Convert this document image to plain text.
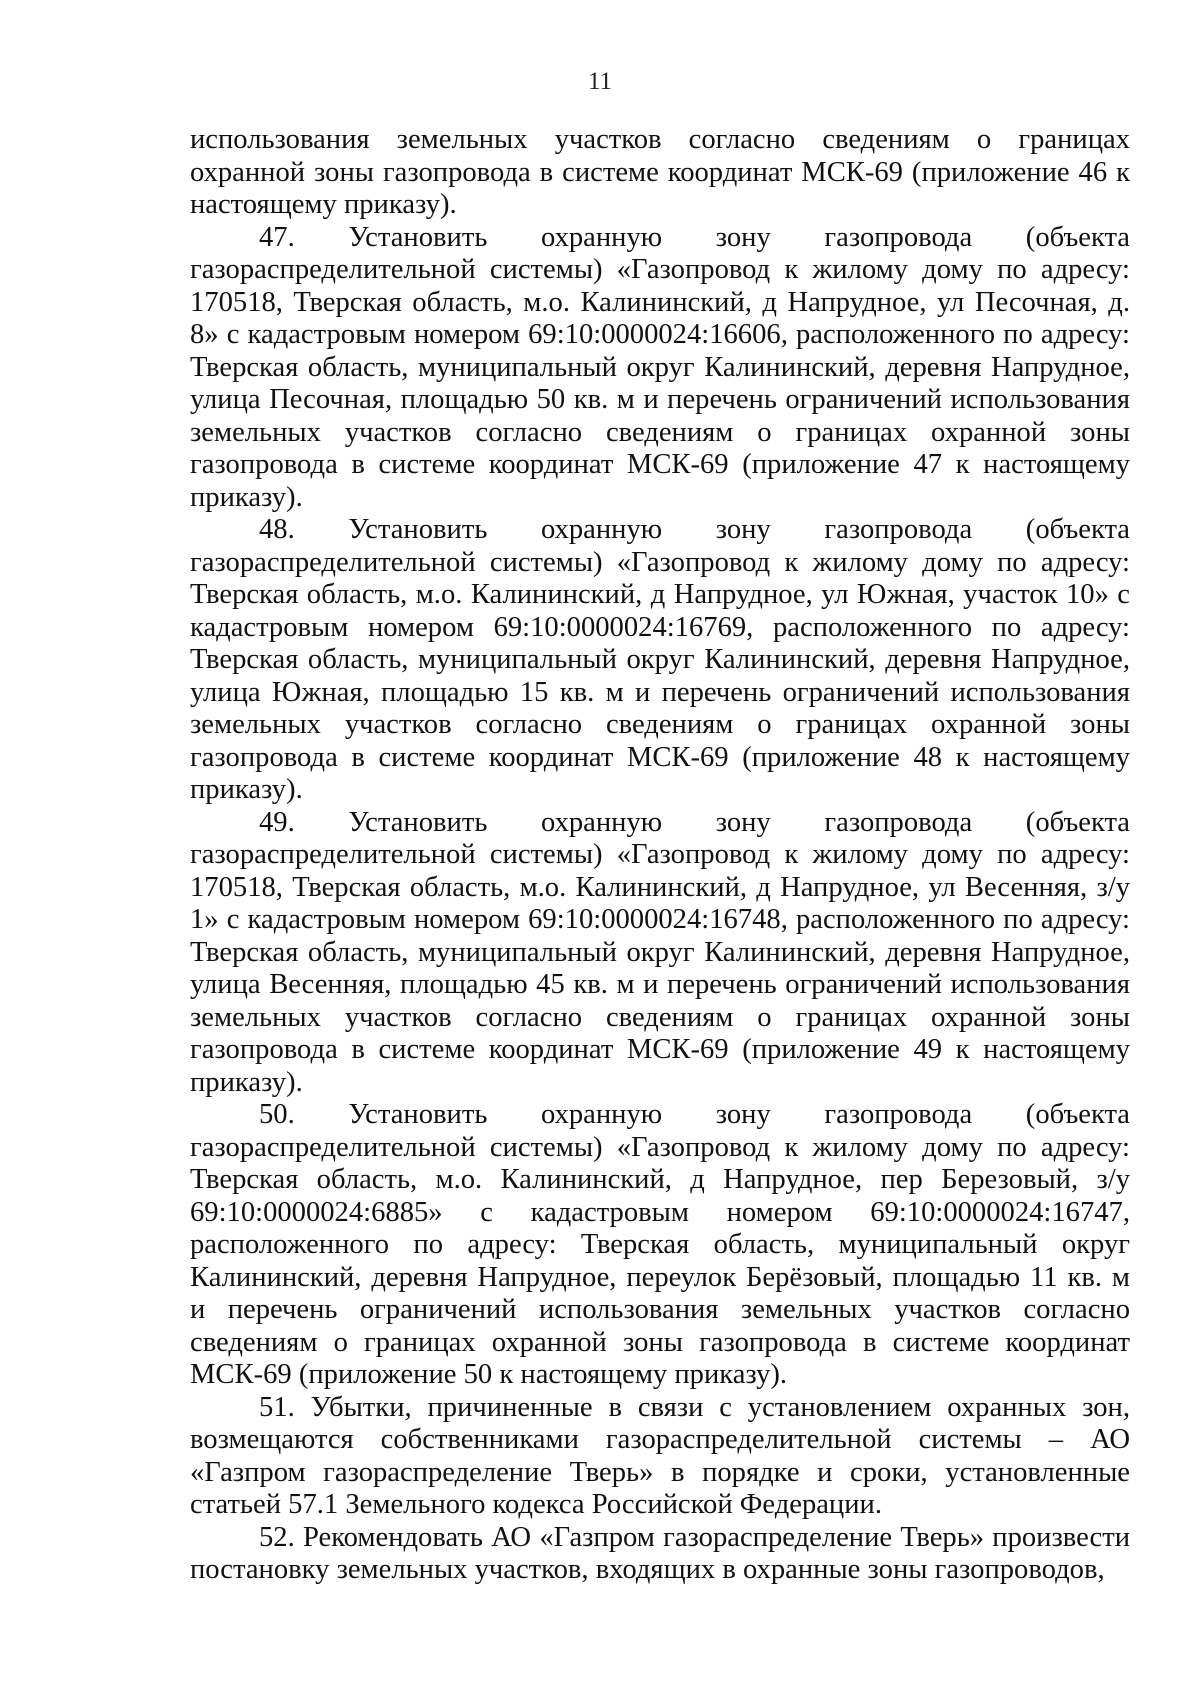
11

использования земельных участков согласно сведениям о границах охранной зоны газопровода в системе координат МСК-69 (приложение 46 к настоящему приказу).

47. Установить охранную зону газопровода (объекта газораспределительной системы) «Газопровод к жилому дому по адресу: 170518, Тверская область, м.о. Калининский, д Напрудное, ул Песочная, д. 8» с кадастровым номером 69:10:0000024:16606, расположенного по адресу: Тверская область, муниципальный округ Калининский, деревня Напрудное, улица Песочная, площадью 50 кв. м и перечень ограничений использования земельных участков согласно сведениям о границах охранной зоны газопровода в системе координат МСК-69 (приложение 47 к настоящему приказу).

48. Установить охранную зону газопровода (объекта газораспределительной системы) «Газопровод к жилому дому по адресу: Тверская область, м.о. Калининский, д Напрудное, ул Южная, участок 10» с кадастровым номером 69:10:0000024:16769, расположенного по адресу: Тверская область, муниципальный округ Калининский, деревня Напрудное, улица Южная, площадью 15 кв. м и перечень ограничений использования земельных участков согласно сведениям о границах охранной зоны газопровода в системе координат МСК-69 (приложение 48 к настоящему приказу).

49. Установить охранную зону газопровода (объекта газораспределительной системы) «Газопровод к жилому дому по адресу: 170518, Тверская область, м.о. Калининский, д Напрудное, ул Весенняя, з/у 1» с кадастровым номером 69:10:0000024:16748, расположенного по адресу: Тверская область, муниципальный округ Калининский, деревня Напрудное, улица Весенняя, площадью 45 кв. м и перечень ограничений использования земельных участков согласно сведениям о границах охранной зоны газопровода в системе координат МСК-69 (приложение 49 к настоящему приказу).

50. Установить охранную зону газопровода (объекта газораспределительной системы) «Газопровод к жилому дому по адресу: Тверская область, м.о. Калининский, д Напрудное, пер Березовый, з/у 69:10:0000024:6885» с кадастровым номером 69:10:0000024:16747, расположенного по адресу: Тверская область, муниципальный округ Калининский, деревня Напрудное, переулок Берёзовый, площадью 11 кв. м и перечень ограничений использования земельных участков согласно сведениям о границах охранной зоны газопровода в системе координат МСК-69 (приложение 50 к настоящему приказу).

51. Убытки, причиненные в связи с установлением охранных зон, возмещаются собственниками газораспределительной системы – АО «Газпром газораспределение Тверь» в порядке и сроки, установленные статьей 57.1 Земельного кодекса Российской Федерации.

52. Рекомендовать АО «Газпром газораспределение Тверь» произвести постановку земельных участков, входящих в охранные зоны газопроводов,
